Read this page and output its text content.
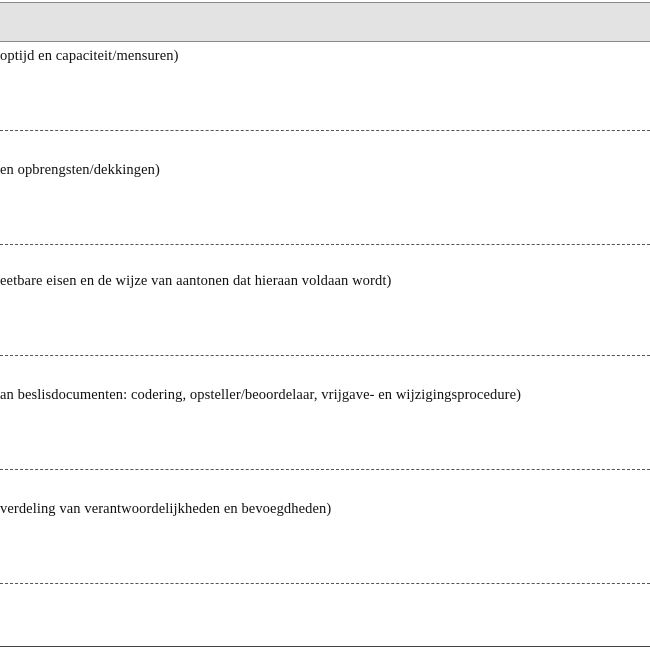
optijd en capaciteit/mensuren)
en opbrengsten/dekkingen)
eetbare eisen en de wijze van aantonen dat hieraan voldaan wordt)
an beslisdocumenten: codering, opsteller/beoordelaar, vrijgave- en wijzigingsprocedure)
verdeling van verantwoordelijkheden en bevoegdheden)
